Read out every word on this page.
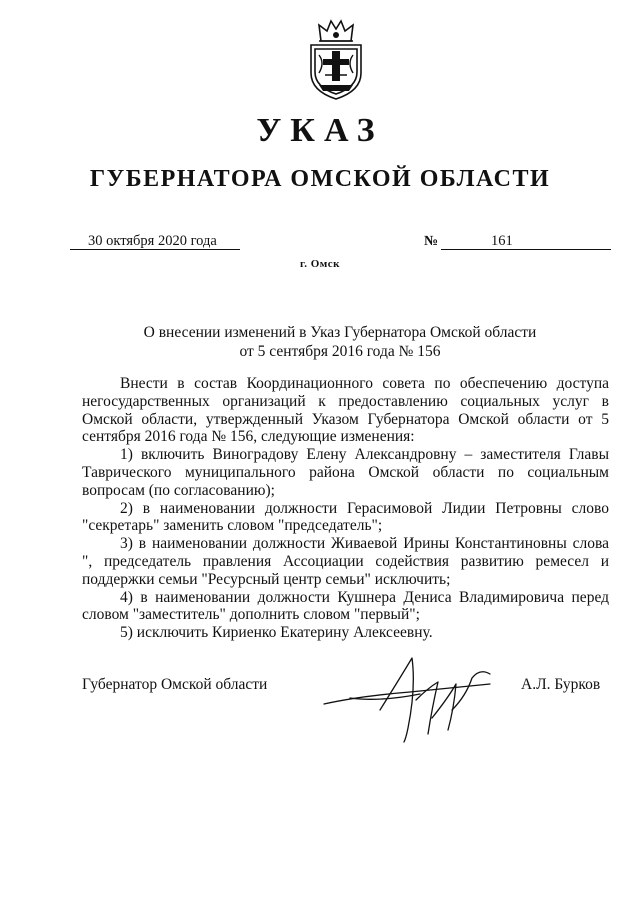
УКАЗ
ГУБЕРНАТОРА ОМСКОЙ ОБЛАСТИ
30 октября 2020 года	№	161
г. Омск
О внесении изменений в Указ Губернатора Омской области
от 5 сентября 2016 года № 156

Внести в состав Координационного совета по обеспечению доступа негосударственных организаций к предоставлению социальных услуг в Омской области, утвержденный Указом Губернатора Омской области от 5 сентября 2016 года № 156, следующие изменения:

1) включить Виноградову Елену Александровну – заместителя Главы Таврического муниципального района Омской области по социальным вопросам (по согласованию);

2) в наименовании должности Герасимовой Лидии Петровны слово "секретарь" заменить словом "председатель";

3) в наименовании должности Живаевой Ирины Константиновны слова ", председатель правления Ассоциации содействия развитию ремесел и поддержки семьи "Ресурсный центр семьи" исключить;

4) в наименовании должности Кушнера Дениса Владимировича перед словом "заместитель" дополнить словом "первый";

5) исключить Кириенко Екатерину Алексеевну.

Губернатор Омской области	А.Л. Бурков
